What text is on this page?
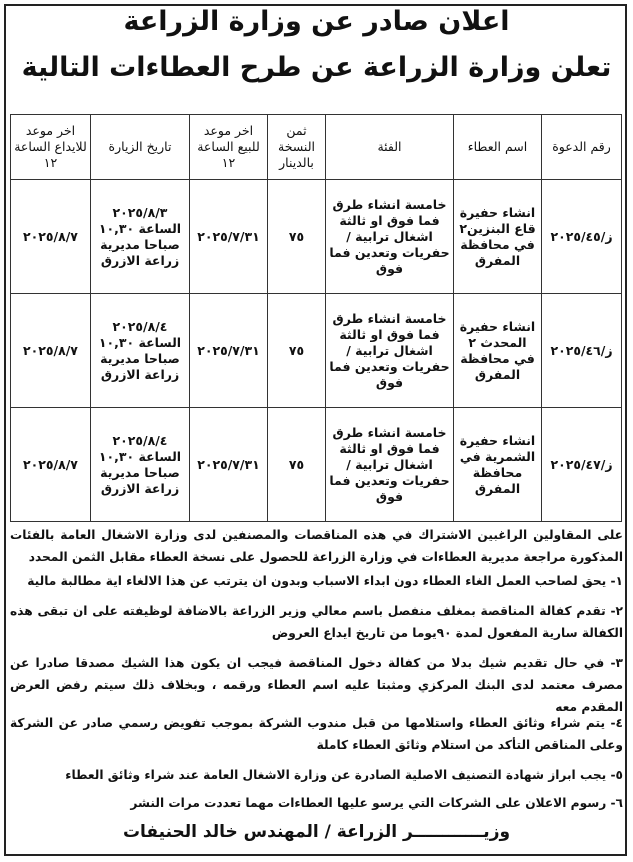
اعلان صادر عن وزارة الزراعة
تعلن وزارة الزراعة عن طرح العطاءات التالية
رقم الدعوة	اسم العطاء	الفئة	ثمن النسخة بالدينار	اخر موعد للبيع الساعة ١٢	تاريخ الزيارة	اخر موعد للايداع الساعة ١٢
ز/٢٠٢٥/٤٥	انشاء حفيرة قاع البنزين٢ في محافظة المفرق	خامسة انشاء طرق فما فوق او ثالثة اشغال ترابية / حفريات وتعدين فما فوق	٧٥	٢٠٢٥/٧/٣١	٢٠٢٥/٨/٣ الساعة ١٠,٣٠ صباحا مديرية زراعة الازرق	٢٠٢٥/٨/٧
ز/٢٠٢٥/٤٦	انشاء حفيرة المحدث ٢ في محافظة المفرق	خامسة انشاء طرق فما فوق او ثالثة اشغال ترابية / حفريات وتعدين فما فوق	٧٥	٢٠٢٥/٧/٣١	٢٠٢٥/٨/٤ الساعة ١٠,٣٠ صباحا مديرية زراعة الازرق	٢٠٢٥/٨/٧
ز/٢٠٢٥/٤٧	انشاء حفيرة الشمرية في محافظة المفرق	خامسة انشاء طرق فما فوق او ثالثة اشغال ترابية / حفريات وتعدين فما فوق	٧٥	٢٠٢٥/٧/٣١	٢٠٢٥/٨/٤ الساعة ١٠,٣٠ صباحا مديرية زراعة الازرق	٢٠٢٥/٨/٧
على المقاولين الراغبين الاشتراك في هذه المناقصات والمصنفين لدى وزارة الاشغال العامة بالفئات المذكورة مراجعة مديرية العطاءات في وزارة الزراعة للحصول على نسخة العطاء مقابل الثمن المحدد
١- يحق لصاحب العمل الغاء العطاء دون ابداء الاسباب وبدون ان يترتب عن هذا الالغاء اية مطالبة مالية
٢- تقدم كفالة المناقصة بمغلف منفصل باسم معالي وزير الزراعة بالاضافة لوظيفته على ان تبقى هذه الكفالة سارية المفعول لمدة ٩٠يوما من تاريخ ايداع العروض
٣- في حال تقديم شيك بدلا من كفالة دخول المناقصة فيجب ان يكون هذا الشيك مصدقا صادرا عن مصرف معتمد لدى البنك المركزي ومثبتا عليه اسم العطاء ورقمه ، وبخلاف ذلك سيتم رفض العرض المقدم معه
٤- يتم شراء وثائق العطاء واستلامها من قبل مندوب الشركة بموجب تفويض رسمي صادر عن الشركة وعلى المناقص التأكد من استلام وثائق العطاء كاملة
٥- يجب ابراز شهادة التصنيف الاصلية الصادرة عن وزارة الاشغال العامة عند شراء وثائق العطاء
٦- رسوم الاعلان على الشركات التي يرسو عليها العطاءات مهما تعددت مرات النشر
وزيــــــــــــر الزراعة / المهندس خالد الحنيفات
